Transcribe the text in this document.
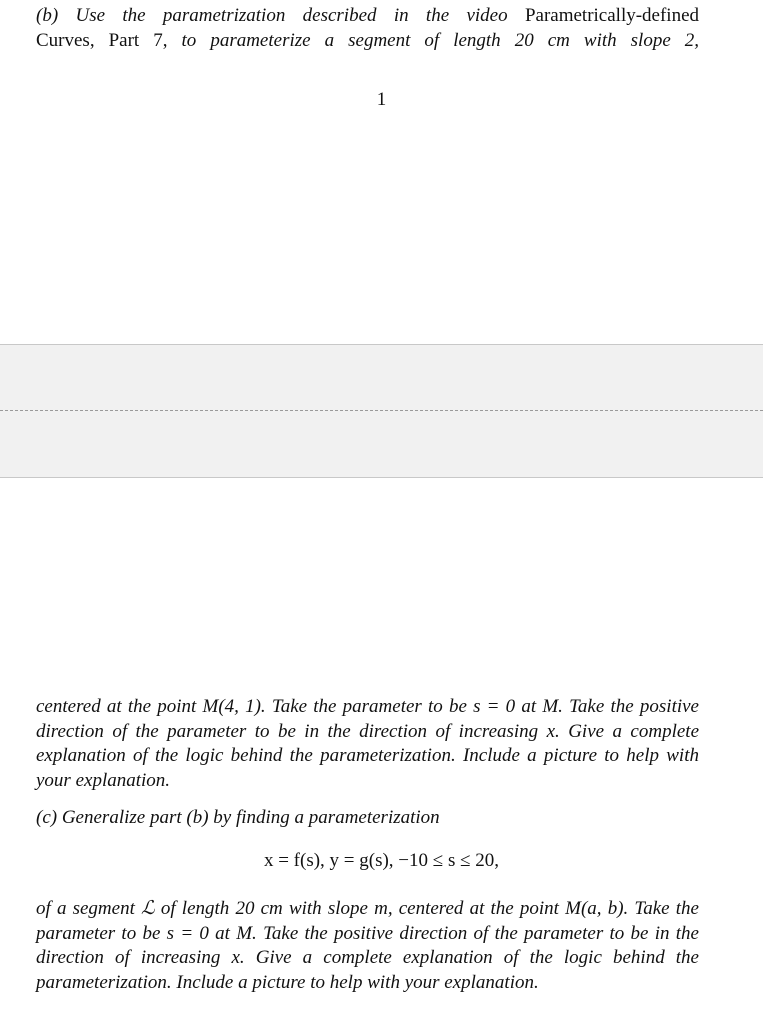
(b) Use the parametrization described in the video Parametrically-defined
Curves, Part 7, to parameterize a segment of length 20 cm with slope 2,
1
centered at the point M(4, 1). Take the parameter to be s = 0 at M. Take the positive direction of the parameter to be in the direction of increasing x. Give a complete explanation of the logic behind the parameterization. Include a picture to help with your explanation.
(c) Generalize part (b) by finding a parameterization
x = f(s), y = g(s), −10 ≤ s ≤ 20,
of a segment ℒ of length 20 cm with slope m, centered at the point M(a, b). Take the parameter to be s = 0 at M. Take the positive direction of the parameter to be in the direction of increasing x. Give a complete explanation of the logic behind the parameterization. Include a picture to help with your explanation.
